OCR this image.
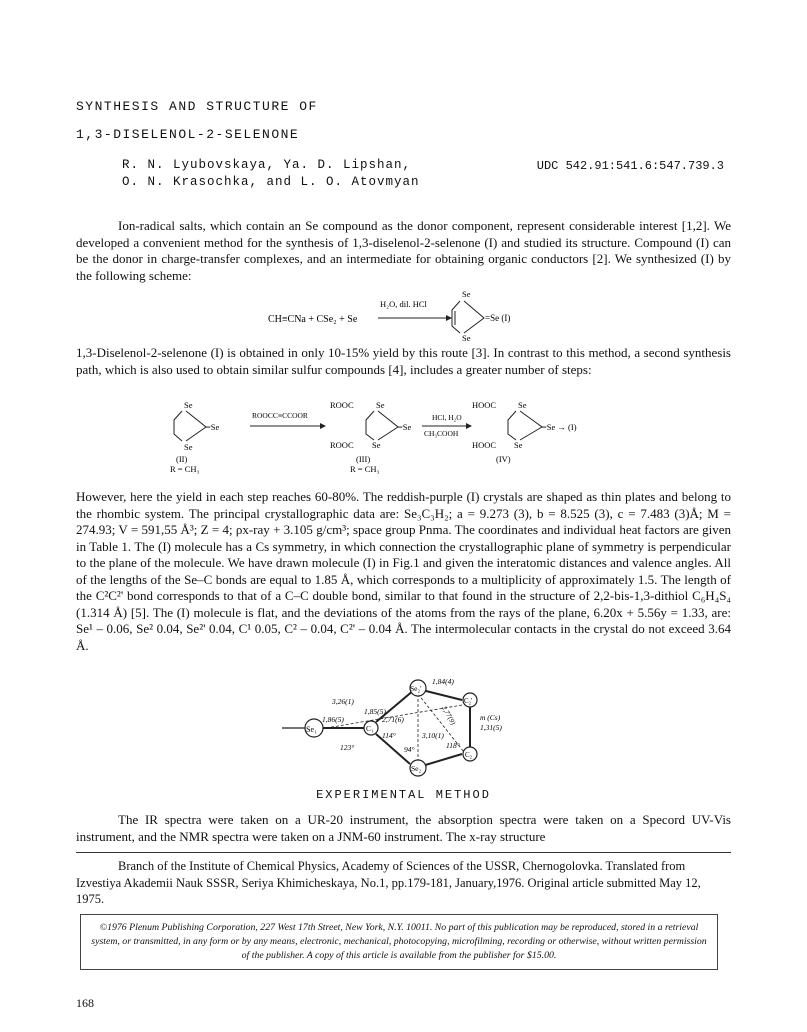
SYNTHESIS AND STRUCTURE OF
1,3-DISELENOL-2-SELENONE
R. N. Lyubovskaya, Ya. D. Lipshan,
O. N. Krasochka, and L. O. Atovmyan
UDC 542.91:541.6:547.739.3

Ion-radical salts, which contain an Se compound as the donor component, represent considerable interest [1,2]. We developed a convenient method for the synthesis of 1,3-diselenol-2-selenone (I) and studied its structure. Compound (I) can be the donor in charge-transfer complexes, and an intermediate for obtaining organic conductors [2]. We synthesized (I) by the following scheme:

CH≡CNa + CSe₂ + Se
H₂O, dil. HCl
Se
Se
=Se (I)

1,3-Diselenol-2-selenone (I) is obtained in only 10-15% yield by this route [3]. In contrast to this method, a second synthesis path, which is also used to obtain similar sulfur compounds [4], includes a greater number of steps:

Se
Se
=Se
(II)
R = CH₃
ROOCC≡CCOOR
ROOC	Se
ROOC Se
=Se
(III)
R = CH₃
HCl, H₂O
CH₃COOH
HOOC	Se
HOOC Se
=Se → (I)
(IV)

However, here the yield in each step reaches 60-80%. The reddish-purple (I) crystals are shaped as thin plates and belong to the rhombic system. The principal crystallographic data are: Se₃C₃H₂; a = 9.273 (3), b = 8.525 (3), c = 7.483 (3)Å; M = 274.93; V = 591,55 Å³; Z = 4; ρx-ray + 3.105 g/cm³; space group Pnma. The coordinates and individual heat factors are given in Table 1. The (I) molecule has a Cs symmetry, in which connection the crystallographic plane of symmetry is perpendicular to the plane of the molecule. We have drawn molecule (I) in Fig.1 and given the interatomic distances and valence angles. All of the lengths of the Se–C bonds are equal to 1.85 Å, which corresponds to a multiplicity of approximately 1.5. The length of the C²C²' bond corresponds to that of a C–C double bond, similar to that found in the structure of 2,2-bis-1,3-dithiol C₆H₄S₄ (1.314 Å) [5]. The (I) molecule is flat, and the deviations of the atoms from the rays of the plane, 6.20x + 5.56y = 1.33, are: Se¹ – 0.06, Se² 0.04, Se²' 0.04, C¹ 0.05, C² – 0.04, C²' – 0.04 Å. The intermolecular contacts in the crystal do not exceed 3.64 Å.

Se₁	C₁
Se₂'
Se₂
C₂'
C₂
1,84(4)
3,26(1)
1,86(5)
1,85(5)
2,71(6)
3,10(1)
1,31(5)
m (Cs)
114°
94°	118°
123°
2,77(9)
EXPERIMENTAL METHOD

The IR spectra were taken on a UR-20 instrument, the absorption spectra were taken on a Specord UV-Vis instrument, and the NMR spectra were taken on a JNM-60 instrument. The x-ray structure

Branch of the Institute of Chemical Physics, Academy of Sciences of the USSR, Chernogolovka. Translated from Izvestiya Akademii Nauk SSSR, Seriya Khimicheskaya, No.1, pp.179-181, January,1976. Original article submitted May 12, 1975.

©1976 Plenum Publishing Corporation, 227 West 17th Street, New York, N.Y. 10011. No part of this publication may be reproduced, stored in a retrieval system, or transmitted, in any form or by any means, electronic, mechanical, photocopying, microfilming, recording or otherwise, without written permission of the publisher. A copy of this article is available from the publisher for $15.00.
168
